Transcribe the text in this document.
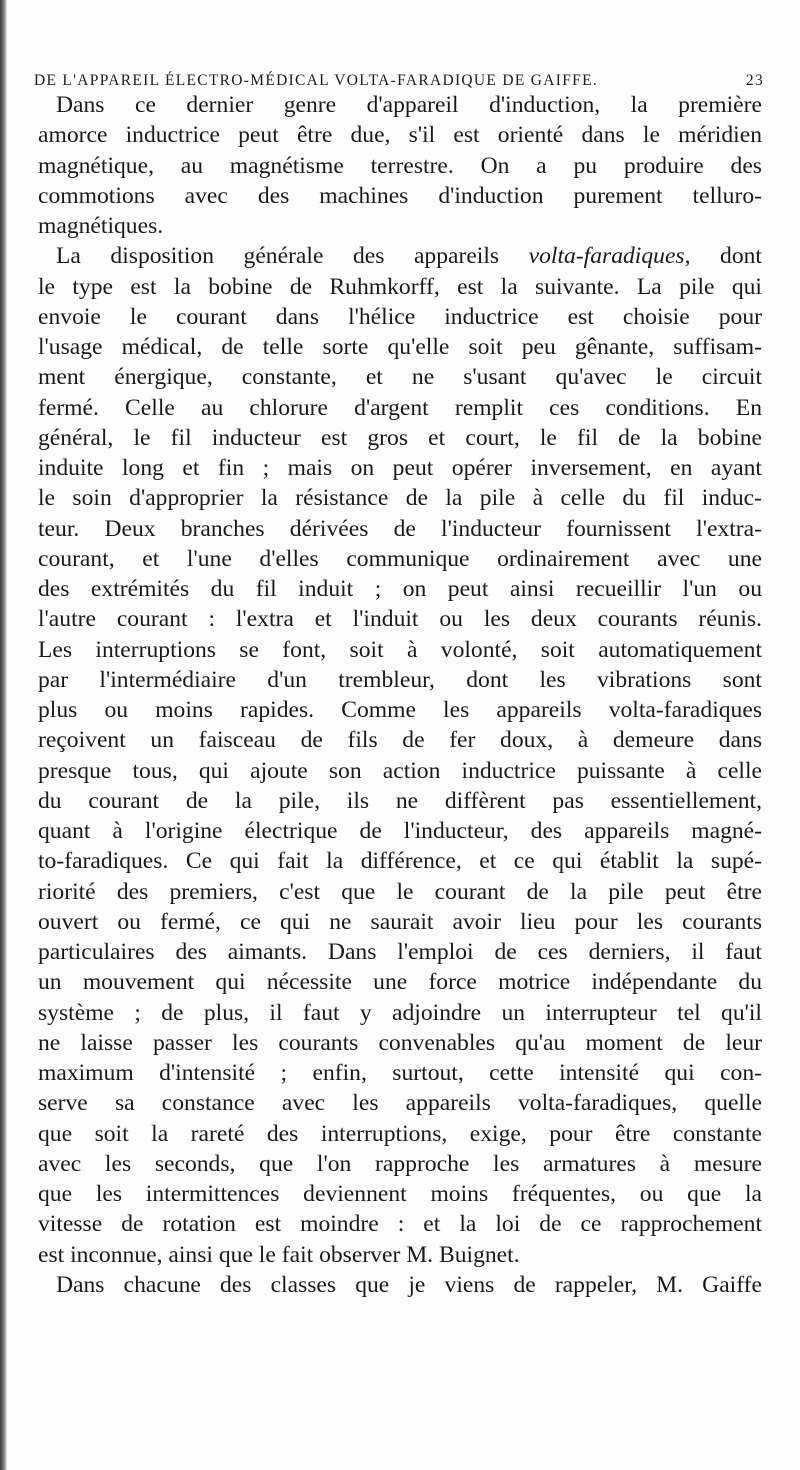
DE L'APPAREIL ÉLECTRO-MÉDICAL VOLTA-FARADIQUE DE GAIFFE.	23

Dans ce dernier genre d'appareil d'induction, la première
amorce inductrice peut être due, s'il est orienté dans le méridien
magnétique, au magnétisme terrestre. On a pu produire des
commotions avec des machines d'induction purement telluro-
magnétiques.

La disposition générale des appareils volta-faradiques, dont
le type est la bobine de Ruhmkorff, est la suivante. La pile qui
envoie le courant dans l'hélice inductrice est choisie pour
l'usage médical, de telle sorte qu'elle soit peu gênante, suffisam-
ment énergique, constante, et ne s'usant qu'avec le circuit
fermé. Celle au chlorure d'argent remplit ces conditions. En
général, le fil inducteur est gros et court, le fil de la bobine
induite long et fin ; mais on peut opérer inversement, en ayant
le soin d'approprier la résistance de la pile à celle du fil induc-
teur. Deux branches dérivées de l'inducteur fournissent l'extra-
courant, et l'une d'elles communique ordinairement avec une
des extrémités du fil induit ; on peut ainsi recueillir l'un ou
l'autre courant : l'extra et l'induit ou les deux courants réunis.
Les interruptions se font, soit à volonté, soit automatiquement
par l'intermédiaire d'un trembleur, dont les vibrations sont
plus ou moins rapides. Comme les appareils volta-faradiques
reçoivent un faisceau de fils de fer doux, à demeure dans
presque tous, qui ajoute son action inductrice puissante à celle
du courant de la pile, ils ne diffèrent pas essentiellement,
quant à l'origine électrique de l'inducteur, des appareils magné-
to-faradiques. Ce qui fait la différence, et ce qui établit la supé-
riorité des premiers, c'est que le courant de la pile peut être
ouvert ou fermé, ce qui ne saurait avoir lieu pour les courants
particulaires des aimants. Dans l'emploi de ces derniers, il faut
un mouvement qui nécessite une force motrice indépendante du
système ; de plus, il faut y adjoindre un interrupteur tel qu'il
ne laisse passer les courants convenables qu'au moment de leur
maximum d'intensité ; enfin, surtout, cette intensité qui con-
serve sa constance avec les appareils volta-faradiques, quelle
que soit la rareté des interruptions, exige, pour être constante
avec les seconds, que l'on rapproche les armatures à mesure
que les intermittences deviennent moins fréquentes, ou que la
vitesse de rotation est moindre : et la loi de ce rapprochement
est inconnue, ainsi que le fait observer M. Buignet.

Dans chacune des classes que je viens de rappeler, M. Gaiffe
